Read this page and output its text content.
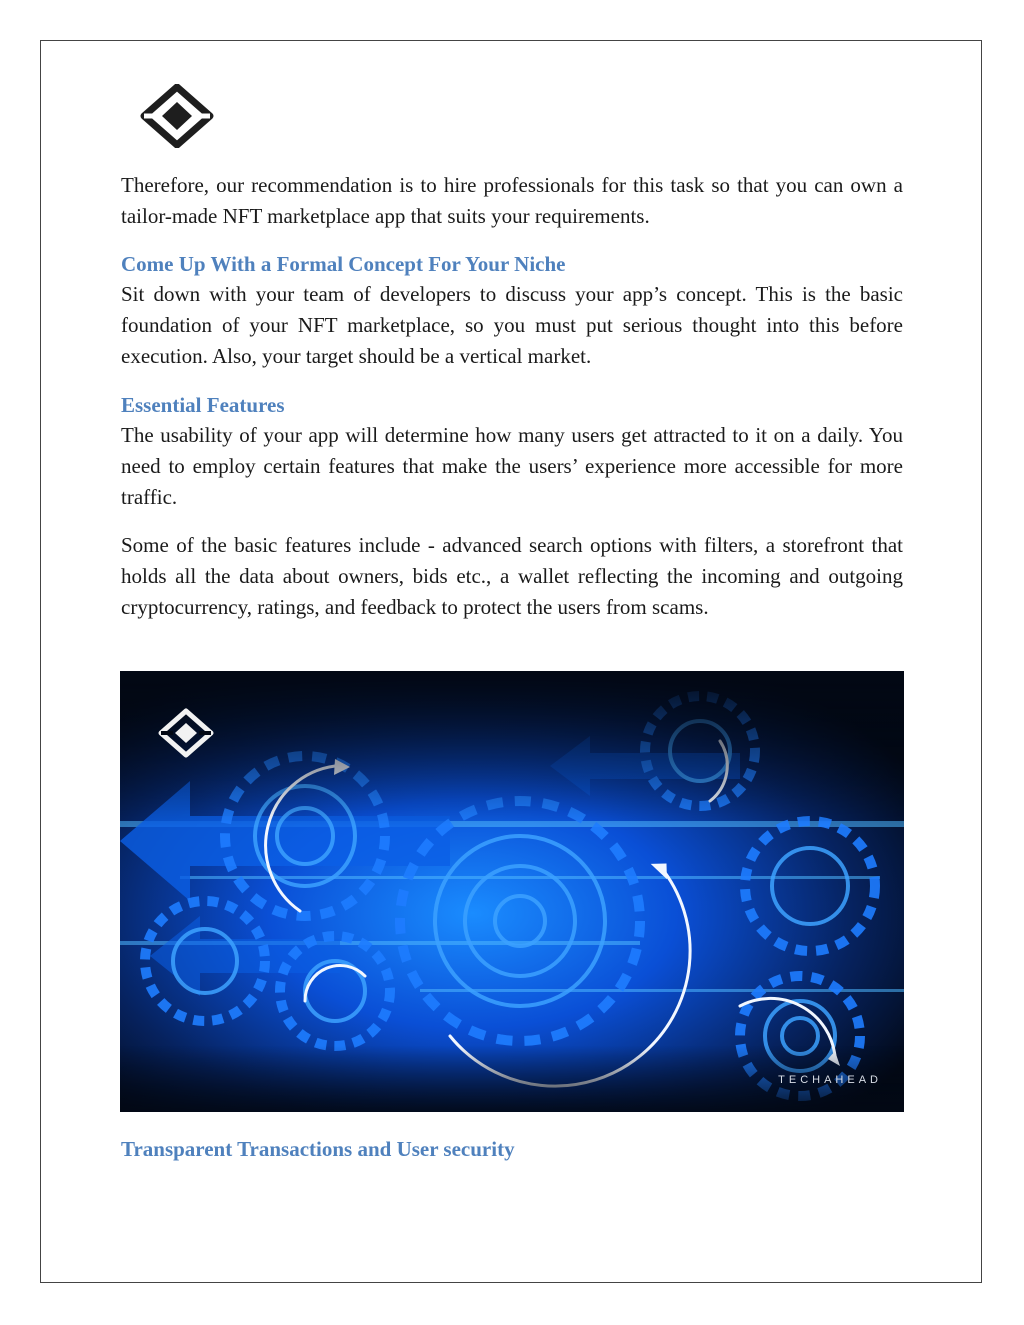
Therefore, our recommendation is to hire professionals for this task so that you can own a tailor-made NFT marketplace app that suits your requirements.
Come Up With a Formal Concept For Your Niche
Sit down with your team of developers to discuss your app’s concept. This is the basic foundation of your NFT marketplace, so you must put serious thought into this before execution. Also, your target should be a vertical market.
Essential Features
The usability of your app will determine how many users get attracted to it on a daily. You need to employ certain features that make the users’ experience more accessible for more traffic.
Some of the basic features include - advanced search options with filters, a storefront that holds all the data about owners, bids etc., a wallet reflecting the incoming and outgoing cryptocurrency, ratings, and feedback to protect the users from scams.
TECHAHEAD
Transparent Transactions and User security
